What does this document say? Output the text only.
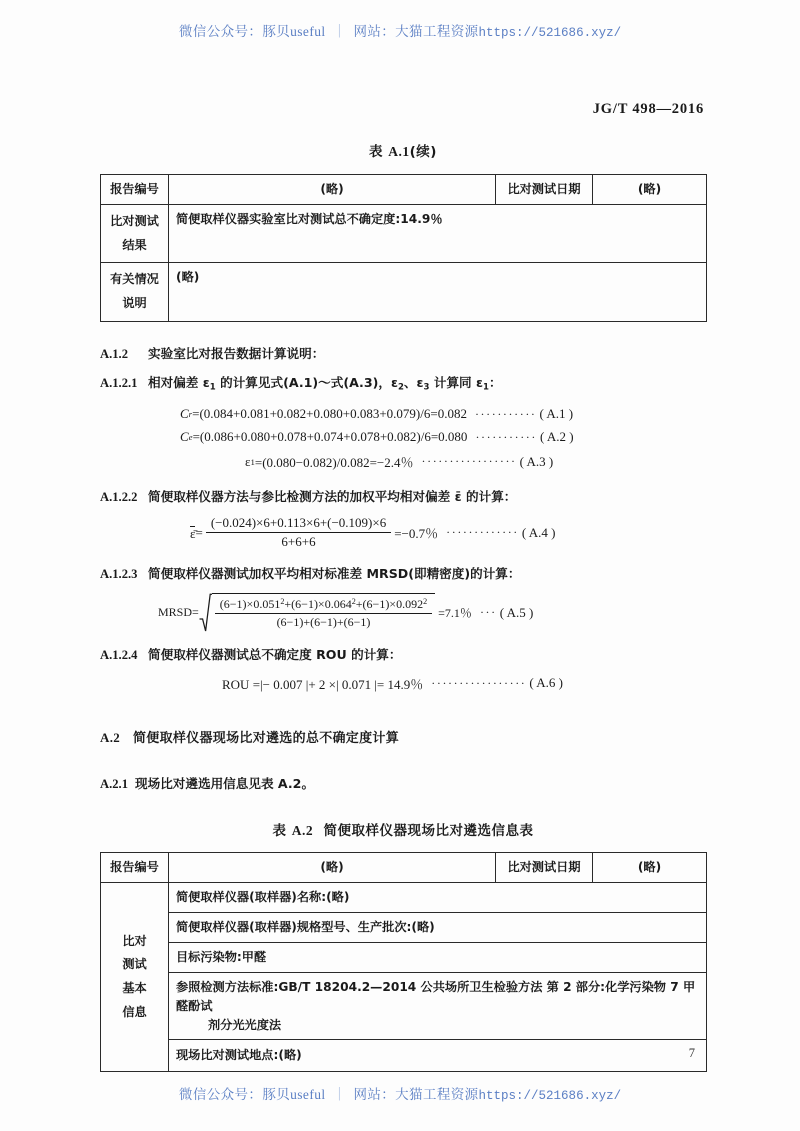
微信公众号：豚贝useful ｜ 网站：大猫工程资源https://521686.xyz/
JG/T 498—2016
表 A.1(续)
报告编号	(略)	比对测试日期	(略)
比对测试
结果	简便取样仪器实验室比对测试总不确定度:14.9％		
有关情况
说明	(略)		
A.1.2 实验室比对报告数据计算说明：
A.1.2.1 相对偏差 $\varepsilon_1$ 的计算见式(A.1)～式(A.3)，$\varepsilon_2$、$\varepsilon_3$ 计算同 $\varepsilon_1$：
C r =(0.084+0.081+0.082+0.080+0.083+0.079)/6=0.082 ··········· ( A.1 )
C e =(0.086+0.080+0.078+0.074+0.078+0.082)/6=0.080 ··········· ( A.2 )
ε 1 =(0.080−0.082)/0.082=−2.4％ ················· ( A.3 )
A.1.2.2 简便取样仪器方法与参比检测方法的加权平均相对偏差 ε̄ 的计算：
ε̄ = $\frac{(-0.024)\times 6+0.113\times 6+(-0.109)\times 6}{6+6+6} =-0.7$％ ············· ( A.4 )
A.1.2.3 简便取样仪器测试加权平均相对标准差 MRSD(即精密度)的计算：
MRSD = $\frac{(6-1)\times 0.051^2+(6-1)\times 0.064^2+(6-1)\times 0.092^2}{(6-1)+(6-1)+(6-1)} =7.1$％ ··· ( A.5 )
A.1.2.4 简便取样仪器测试总不确定度 ROU 的计算：
ROU =|− 0.007 |+ 2 ×| 0.071 |= 14.9％ ················· ( A.6 )
A.2 简便取样仪器现场比对遴选的总不确定度计算
A.2.1 现场比对遴选用信息见表 A.2。
表 A.2 简便取样仪器现场比对遴选信息表
报告编号	(略)	比对测试日期	(略)
比对
测试
基本
信息	简便取样仪器(取样器)名称:(略)		
	简便取样仪器(取样器)规格型号、生产批次:(略)		
	目标污染物:甲醛		

	参照检测方法标准:GB/T 18204.2—2014 公共场所卫生检验方法 第 2 部分:化学污染物 7 甲醛酚试
剂分光光度法		

	现场比对测试地点:(略)			7
微信公众号：豚贝useful ｜ 网站：大猫工程资源https://521686.xyz/
